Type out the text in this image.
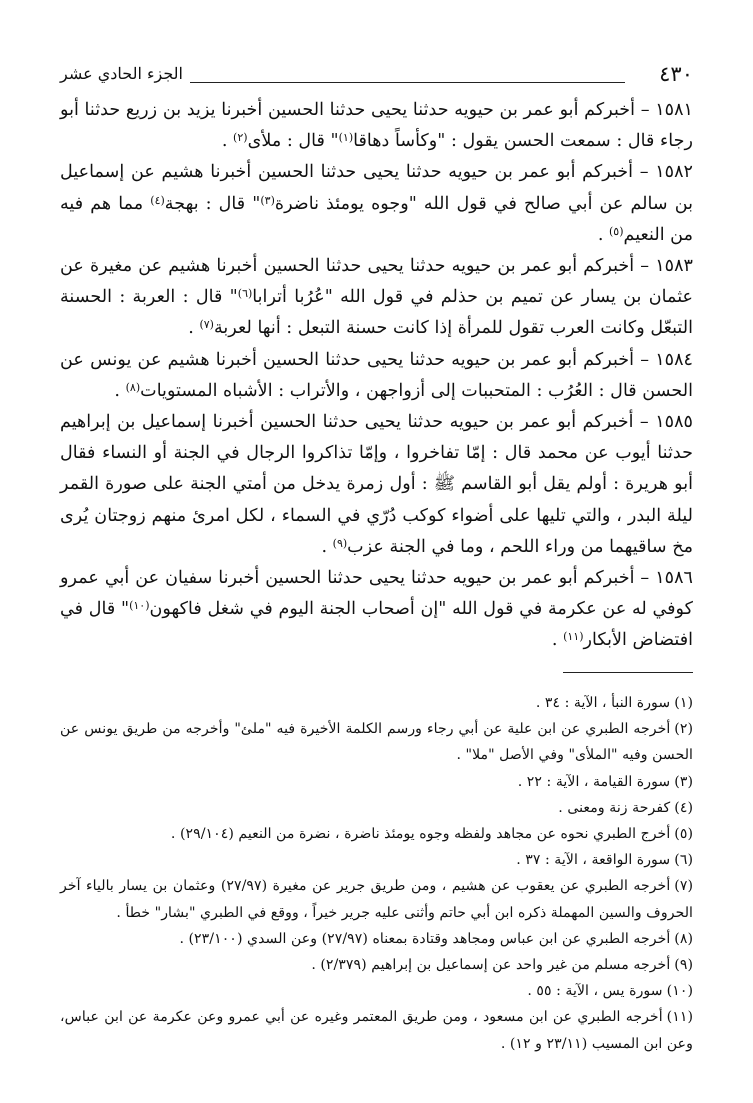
٤٣٠
الجزء الحادي عشر

١٥٨١ – أخبركم أبو عمر بن حيويه حدثنا يحيى حدثنا الحسين أخبرنا يزيد بن زريع حدثنا أبو رجاء قال : سمعت الحسن يقول : "وكأساً دهاقا$^{(١)}$" قال : ملأى$^{(٢)}$ .

١٥٨٢ – أخبركم أبو عمر بن حيويه حدثنا يحيى حدثنا الحسين أخبرنا هشيم عن إسماعيل بن سالم عن أبي صالح في قول الله "وجوه يومئذ ناضرة$^{(٣)}$" قال : بهجة$^{(٤)}$ مما هم فيه من النعيم$^{(٥)}$ .

١٥٨٣ – أخبركم أبو عمر بن حيويه حدثنا يحيى حدثنا الحسين أخبرنا هشيم عن مغيرة عن عثمان بن يسار عن تميم بن حذلم في قول الله "عُرُبا أترابا$^{(٦)}$" قال : العربة : الحسنة التبعّل وكانت العرب تقول للمرأة إذا كانت حسنة التبعل : أنها لعربة$^{(٧)}$ .

١٥٨٤ – أخبركم أبو عمر بن حيويه حدثنا يحيى حدثنا الحسين أخبرنا هشيم عن يونس عن الحسن قال : العُرُب : المتحببات إلى أزواجهن ، والأتراب : الأشباه المستويات$^{(٨)}$ .

١٥٨٥ – أخبركم أبو عمر بن حيويه حدثنا يحيى حدثنا الحسين أخبرنا إسماعيل بن إبراهيم حدثنا أيوب عن محمد قال : إمّا تفاخروا ، وإمّا تذاكروا الرجال في الجنة أو النساء فقال أبو هريرة : أولم يقل أبو القاسم ﷺ : أول زمرة يدخل من أمتي الجنة على صورة القمر ليلة البدر ، والتي تليها على أضواء كوكب دُرّي في السماء ، لكل امرئ منهم زوجتان يُرى مخ ساقيهما من وراء اللحم ، وما في الجنة عزب$^{(٩)}$ .

١٥٨٦ – أخبركم أبو عمر بن حيويه حدثنا يحيى حدثنا الحسين أخبرنا سفيان عن أبي عمرو كوفي له عن عكرمة في قول الله "إن أصحاب الجنة اليوم في شغل فاكهون$^{(١٠)}$" قال في افتضاض الأبكار$^{(١١)}$ .

(١)سورة النبأ ، الآية : ٣٤ .

(٢)أخرجه الطبري عن ابن علية عن أبي رجاء ورسم الكلمة الأخيرة فيه "ملئ" وأخرجه من طريق يونس عن الحسن وفيه "الملأى" وفي الأصل "ملا" .

(٣)سورة القيامة ، الآية : ٢٢ .

(٤)كفرحة زنة ومعنى .

(٥)أخرج الطبري نحوه عن مجاهد ولفظه وجوه يومئذ ناضرة ، نضرة من النعيم (٢٩/١٠٤) .

(٦)سورة الواقعة ، الآية : ٣٧ .

(٧)أخرجه الطبري عن يعقوب عن هشيم ، ومن طريق جرير عن مغيرة (٢٧/٩٧) وعثمان بن يسار بالياء آخر الحروف والسين المهملة ذكره ابن أبي حاتم وأثنى عليه جرير خيراً ، ووقع في الطبري "بشار" خطأ .

(٨)أخرجه الطبري عن ابن عباس ومجاهد وقتادة بمعناه (٢٧/٩٧) وعن السدي (٢٣/١٠٠) .

(٩)أخرجه مسلم من غير واحد عن إسماعيل بن إبراهيم (٢/٣٧٩) .

(١٠)سورة يس ، الآية : ٥٥ .

(١١)أخرجه الطبري عن ابن مسعود ، ومن طريق المعتمر وغيره عن أبي عمرو وعن عكرمة عن ابن عباس، وعن ابن المسيب (٢٣/١١ و ١٢) .
